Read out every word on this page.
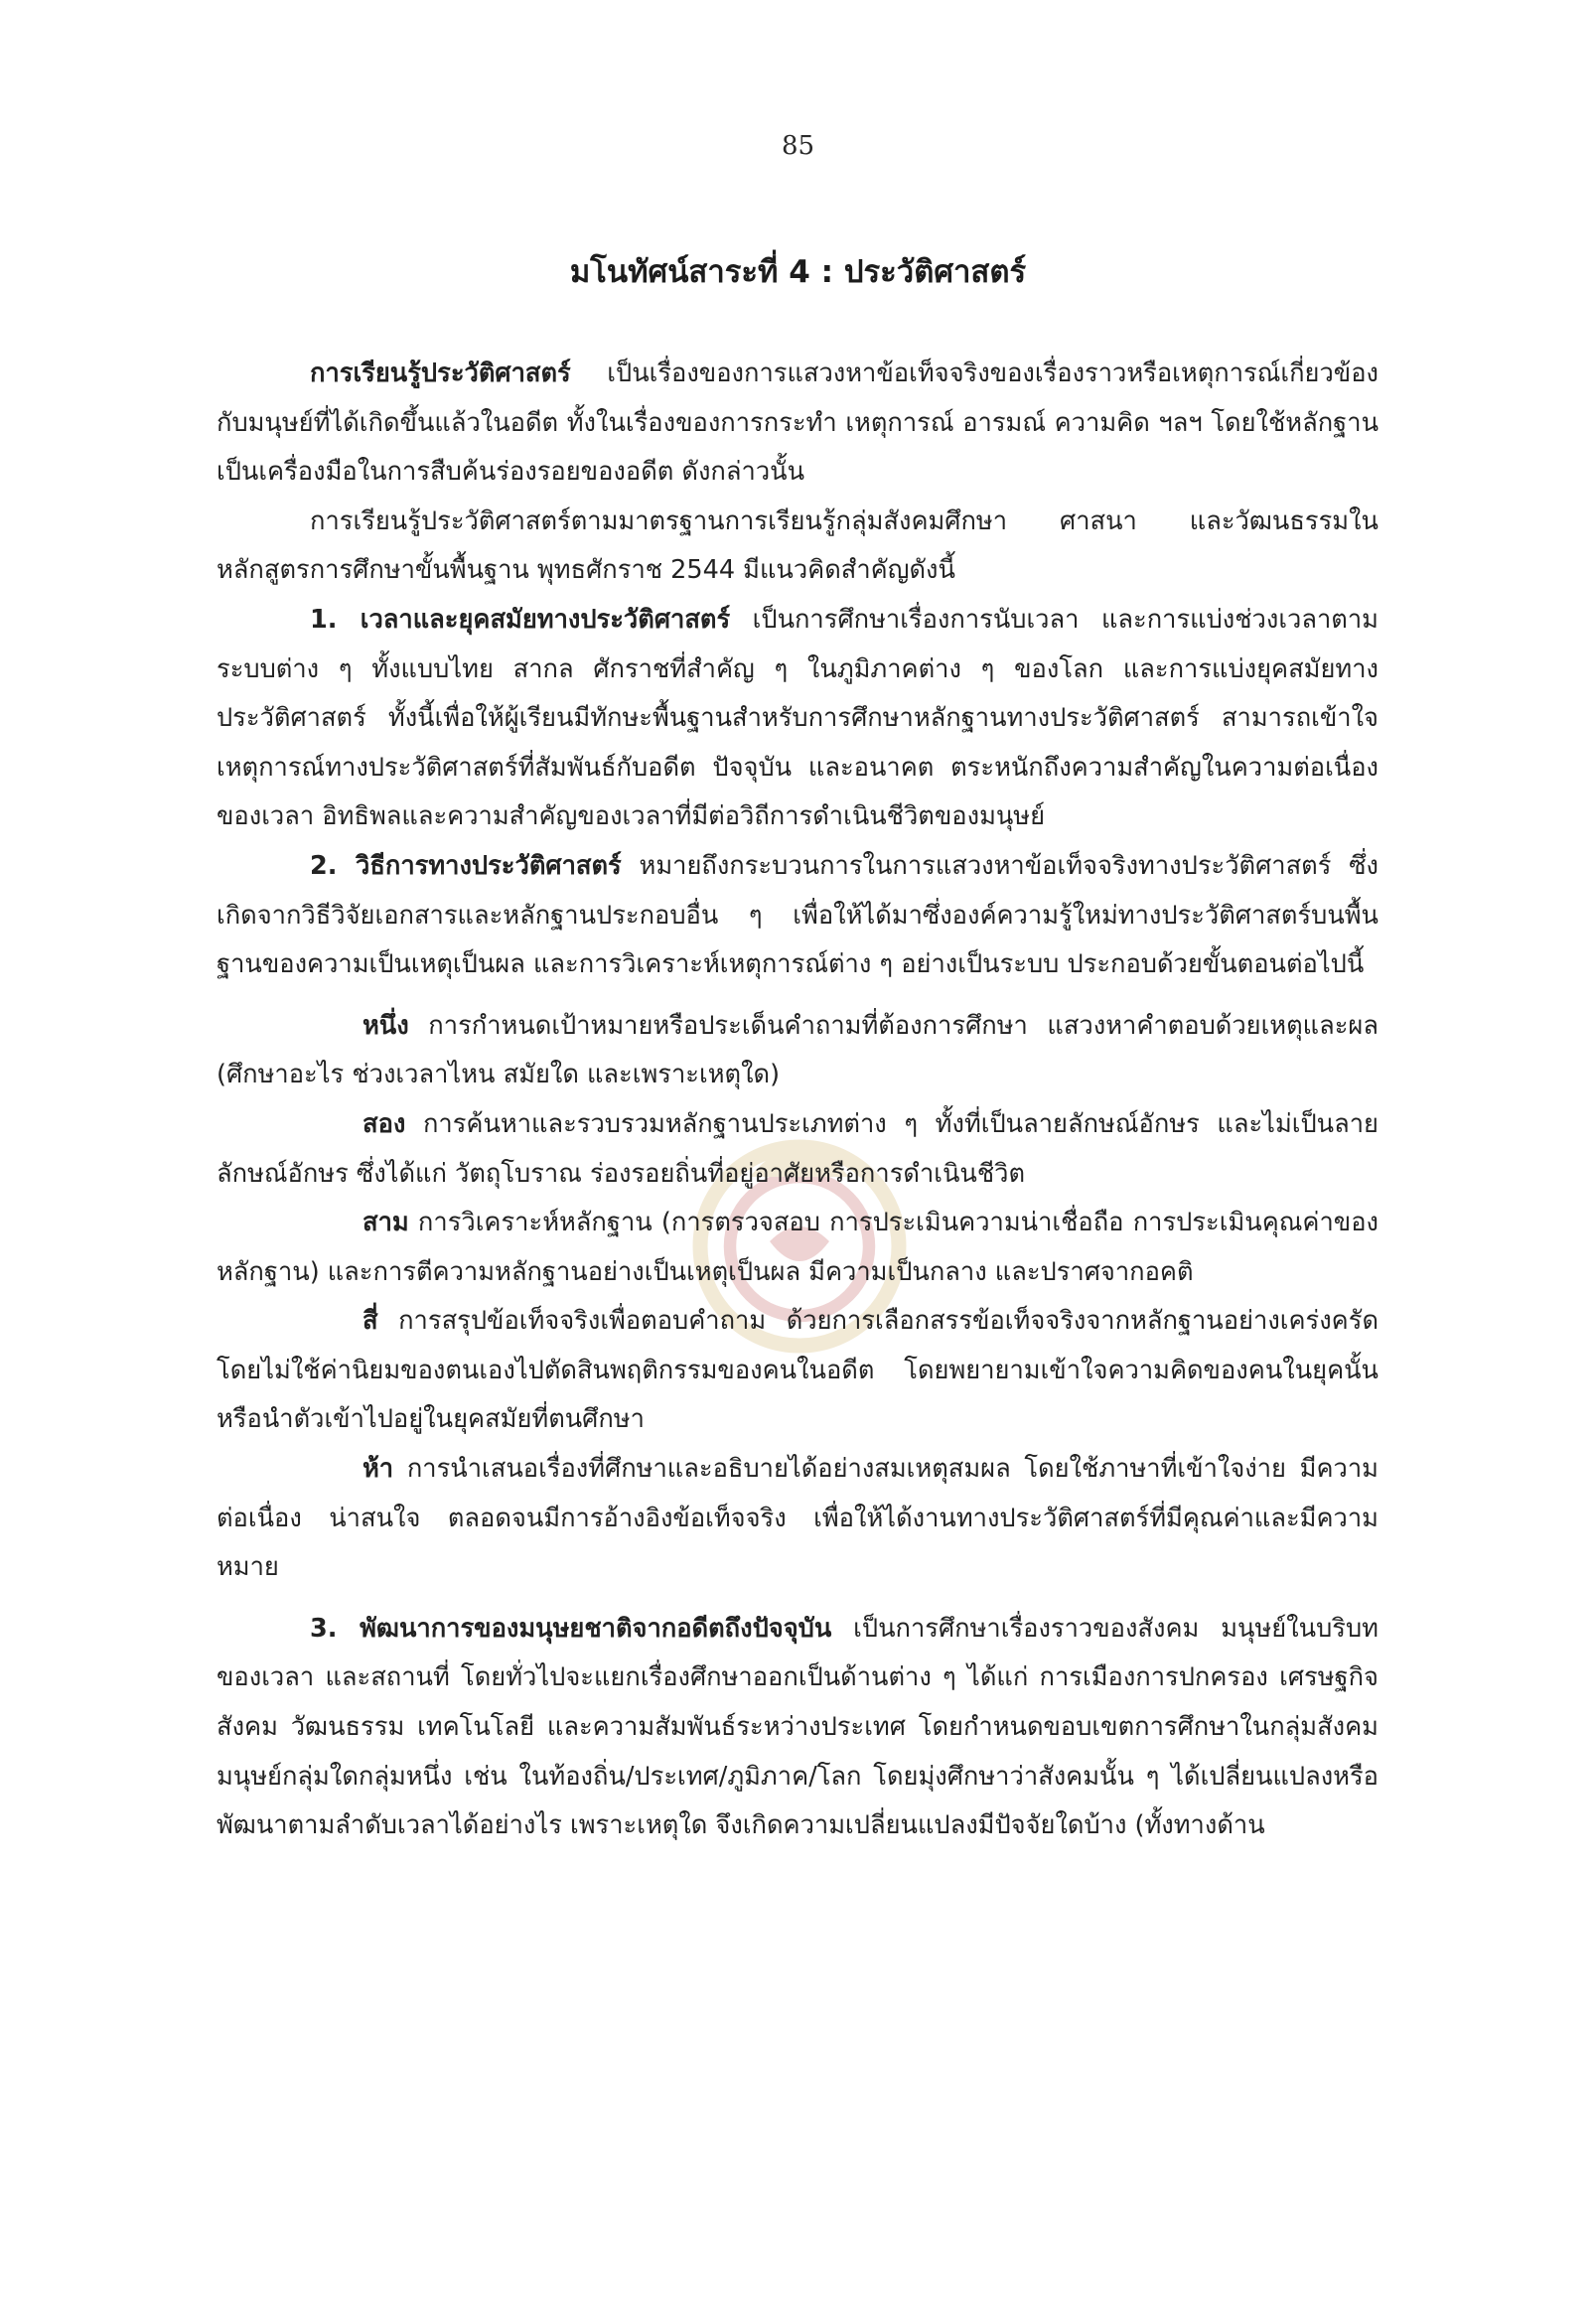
85
มโนทัศน์สาระที่ 4 : ประวัติศาสตร์

การเรียนรู้ประวัติศาสตร์ เป็นเรื่องของการแสวงหาข้อเท็จจริงของเรื่องราวหรือเหตุการณ์เกี่ยวข้องกับมนุษย์ที่ได้เกิดขึ้นแล้วในอดีต ทั้งในเรื่องของการกระทำ เหตุการณ์ อารมณ์ ความคิด ฯลฯ โดยใช้หลักฐาน เป็นเครื่องมือในการสืบค้นร่องรอยของอดีต ดังกล่าวนั้น

การเรียนรู้ประวัติศาสตร์ตามมาตรฐานการเรียนรู้กลุ่มสังคมศึกษา ศาสนา และวัฒนธรรมในหลักสูตรการศึกษาขั้นพื้นฐาน พุทธศักราช 2544 มีแนวคิดสำคัญดังนี้

1. เวลาและยุคสมัยทางประวัติศาสตร์ เป็นการศึกษาเรื่องการนับเวลา และการแบ่งช่วงเวลาตามระบบต่าง ๆ ทั้งแบบไทย สากล ศักราชที่สำคัญ ๆ ในภูมิภาคต่าง ๆ ของโลก และการแบ่งยุคสมัยทางประวัติศาสตร์ ทั้งนี้เพื่อให้ผู้เรียนมีทักษะพื้นฐานสำหรับการศึกษาหลักฐานทางประวัติศาสตร์ สามารถเข้าใจเหตุการณ์ทางประวัติศาสตร์ที่สัมพันธ์กับอดีต ปัจจุบัน และอนาคต ตระหนักถึงความสำคัญในความต่อเนื่องของเวลา อิทธิพลและความสำคัญของเวลาที่มีต่อวิถีการดำเนินชีวิตของมนุษย์

2. วิธีการทางประวัติศาสตร์ หมายถึงกระบวนการในการแสวงหาข้อเท็จจริงทางประวัติศาสตร์ ซึ่งเกิดจากวิธีวิจัยเอกสารและหลักฐานประกอบอื่น ๆ เพื่อให้ได้มาซึ่งองค์ความรู้ใหม่ทางประวัติศาสตร์บนพื้นฐานของความเป็นเหตุเป็นผล และการวิเคราะห์เหตุการณ์ต่าง ๆ อย่างเป็นระบบ ประกอบด้วยขั้นตอนต่อไปนี้

หนึ่ง การกำหนดเป้าหมายหรือประเด็นคำถามที่ต้องการศึกษา แสวงหาคำตอบด้วยเหตุและผล (ศึกษาอะไร ช่วงเวลาไหน สมัยใด และเพราะเหตุใด)

สอง การค้นหาและรวบรวมหลักฐานประเภทต่าง ๆ ทั้งที่เป็นลายลักษณ์อักษร และไม่เป็นลายลักษณ์อักษร ซึ่งได้แก่ วัตถุโบราณ ร่องรอยถิ่นที่อยู่อาศัยหรือการดำเนินชีวิต

สาม การวิเคราะห์หลักฐาน (การตรวจสอบ การประเมินความน่าเชื่อถือ การประเมินคุณค่าของหลักฐาน) และการตีความหลักฐานอย่างเป็นเหตุเป็นผล มีความเป็นกลาง และปราศจากอคติ

สี่ การสรุปข้อเท็จจริงเพื่อตอบคำถาม ด้วยการเลือกสรรข้อเท็จจริงจากหลักฐานอย่างเคร่งครัด โดยไม่ใช้ค่านิยมของตนเองไปตัดสินพฤติกรรมของคนในอดีต โดยพยายามเข้าใจความคิดของคนในยุคนั้นหรือนำตัวเข้าไปอยู่ในยุคสมัยที่ตนศึกษา

ห้า การนำเสนอเรื่องที่ศึกษาและอธิบายได้อย่างสมเหตุสมผล โดยใช้ภาษาที่เข้าใจง่าย มีความต่อเนื่อง น่าสนใจ ตลอดจนมีการอ้างอิงข้อเท็จจริง เพื่อให้ได้งานทางประวัติศาสตร์ที่มีคุณค่าและมีความหมาย

3. พัฒนาการของมนุษยชาติจากอดีตถึงปัจจุบัน เป็นการศึกษาเรื่องราวของสังคม มนุษย์ในบริบทของเวลา และสถานที่ โดยทั่วไปจะแยกเรื่องศึกษาออกเป็นด้านต่าง ๆ ได้แก่ การเมืองการปกครอง เศรษฐกิจ สังคม วัฒนธรรม เทคโนโลยี และความสัมพันธ์ระหว่างประเทศ โดยกำหนดขอบเขตการศึกษาในกลุ่มสังคมมนุษย์กลุ่มใดกลุ่มหนึ่ง เช่น ในท้องถิ่น/ประเทศ/ภูมิภาค/โลก โดยมุ่งศึกษาว่าสังคมนั้น ๆ ได้เปลี่ยนแปลงหรือพัฒนาตามลำดับเวลาได้อย่างไร เพราะเหตุใด จึงเกิดความเปลี่ยนแปลงมีปัจจัยใดบ้าง (ทั้งทางด้าน
